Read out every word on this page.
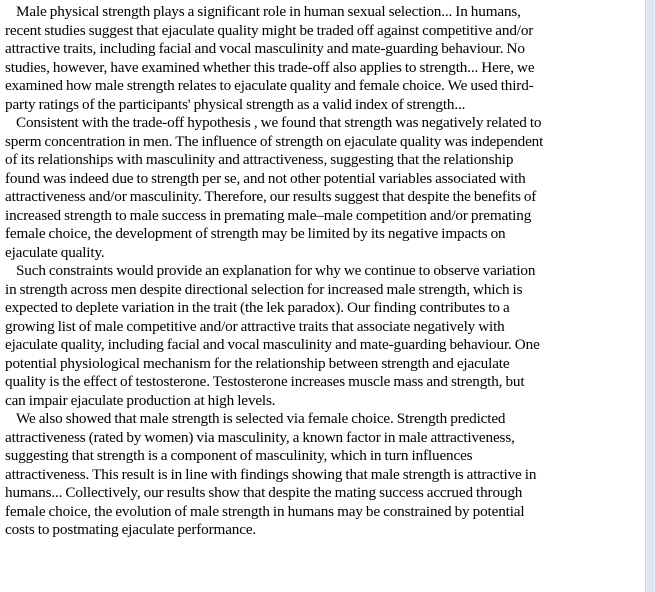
Male physical strength plays a significant role in human sexual selection... In humans,
recent studies suggest that ejaculate quality might be traded off against competitive and/or
attractive traits, including facial and vocal masculinity and mate-guarding behaviour. No
studies, however, have examined whether this trade-off also applies to strength... Here, we
examined how male strength relates to ejaculate quality and female choice. We used third-
party ratings of the participants' physical strength as a valid index of strength...

Consistent with the trade-off hypothesis , we found that strength was negatively related to
sperm concentration in men. The influence of strength on ejaculate quality was independent
of its relationships with masculinity and attractiveness, suggesting that the relationship
found was indeed due to strength per se, and not other potential variables associated with
attractiveness and/or masculinity. Therefore, our results suggest that despite the benefits of
increased strength to male success in premating male–male competition and/or premating
female choice, the development of strength may be limited by its negative impacts on
ejaculate quality.

Such constraints would provide an explanation for why we continue to observe variation
in strength across men despite directional selection for increased male strength, which is
expected to deplete variation in the trait (the lek paradox). Our finding contributes to a
growing list of male competitive and/or attractive traits that associate negatively with
ejaculate quality, including facial and vocal masculinity and mate-guarding behaviour. One
potential physiological mechanism for the relationship between strength and ejaculate
quality is the effect of testosterone. Testosterone increases muscle mass and strength, but
can impair ejaculate production at high levels.

We also showed that male strength is selected via female choice. Strength predicted
attractiveness (rated by women) via masculinity, a known factor in male attractiveness,
suggesting that strength is a component of masculinity, which in turn influences
attractiveness. This result is in line with findings showing that male strength is attractive in
humans... Collectively, our results show that despite the mating success accrued through
female choice, the evolution of male strength in humans may be constrained by potential
costs to postmating ejaculate performance.
